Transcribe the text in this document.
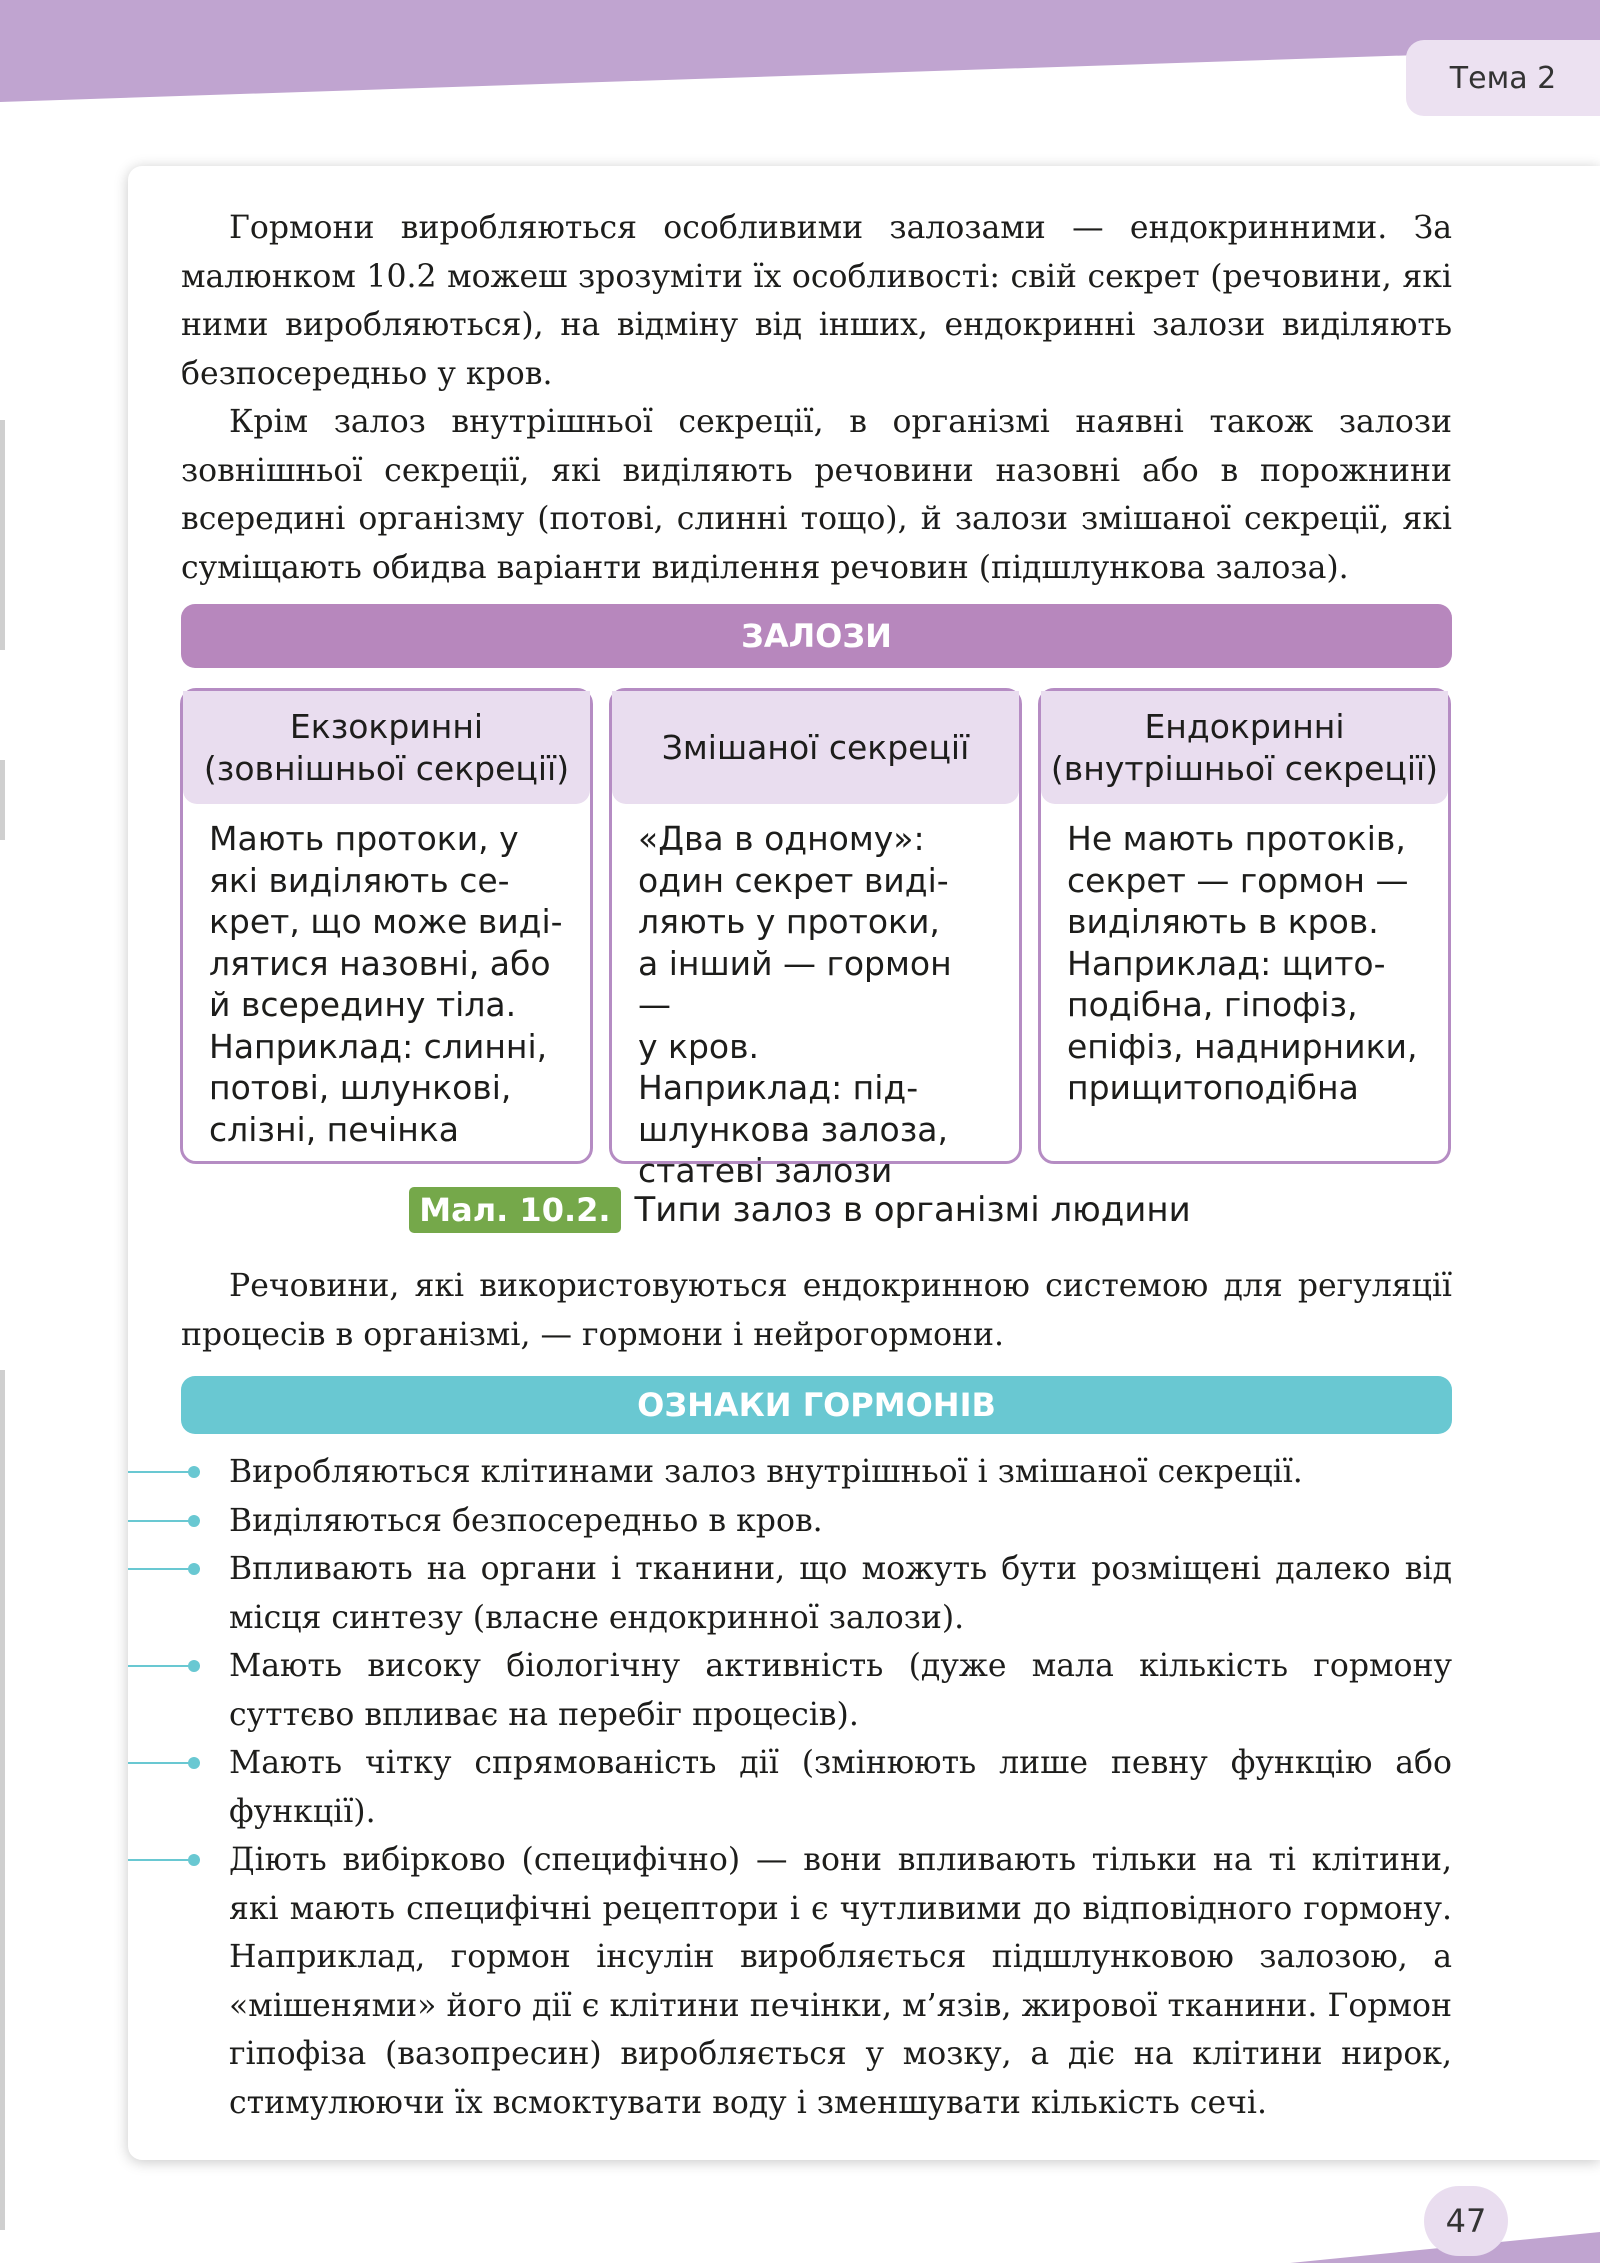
Тема 2

Гормони виробляються особливими залозами — ендокринними. За малюнком 10.2 можеш зрозуміти їх особливості: свій секрет (речовини, які ними виробляються), на відміну від інших, ендокринні залози виділяють безпосередньо у кров.

Крім залоз внутрішньої секреції, в організмі наявні також залози зовнішньої секреції, які виділяють речовини назовні або в порожнини всередині організму (потові, слинні тощо), й залози змішаної секреції, які суміщають обидва варіанти виділення речовин (підшлункова залоза).

ЗАЛОЗИ
Екзокринні
(зовнішньої секреції)
Мають протоки, у
які виділяють се-
крет, що може виді-
лятися назовні, або
й всередину тіла.
Наприклад: слинні,
потові, шлункові,
слізні, печінка
Змішаної секреції
«Два в одному»:
один секрет виді-
ляють у протоки,
а інший — гормон —
у кров.
Наприклад: під-
шлункова залоза,
статеві залози
Ендокринні
(внутрішньої секреції)
Не мають протоків,
секрет — гормон —
виділяють в кров.
Наприклад: щито-
подібна, гіпофіз,
епіфіз, наднирники,
прищитоподібна
Мал. 10.2. Типи залоз в організмі людини

Речовини, які використовуються ендокринною системою для регуляції процесів в організмі, — гормони і нейрогормони.

ОЗНАКИ ГОРМОНІВ

Виробляються клітинами залоз внутрішньої і змішаної секреції.

Виділяються безпосередньо в кров.

Впливають на органи і тканини, що можуть бути розміщені далеко від місця синтезу (власне ендокринної залози).

Мають високу біологічну активність (дуже мала кількість гормону суттєво впливає на перебіг процесів).

Мають чітку спрямованість дії (змінюють лише певну функцію або функції).

Діють вибірково (специфічно) — вони впливають тільки на ті клітини, які мають специфічні рецептори і є чутливими до відповідного гормону. Наприклад, гормон інсулін виробляється підшлунковою залозою, а «мішенями» його дії є клітини печінки, м’язів, жирової тканини. Гормон гіпофіза (вазопресин) виробляється у мозку, а діє на клітини нирок, стимулюючи їх всмоктувати воду і зменшувати кількість сечі.

47
